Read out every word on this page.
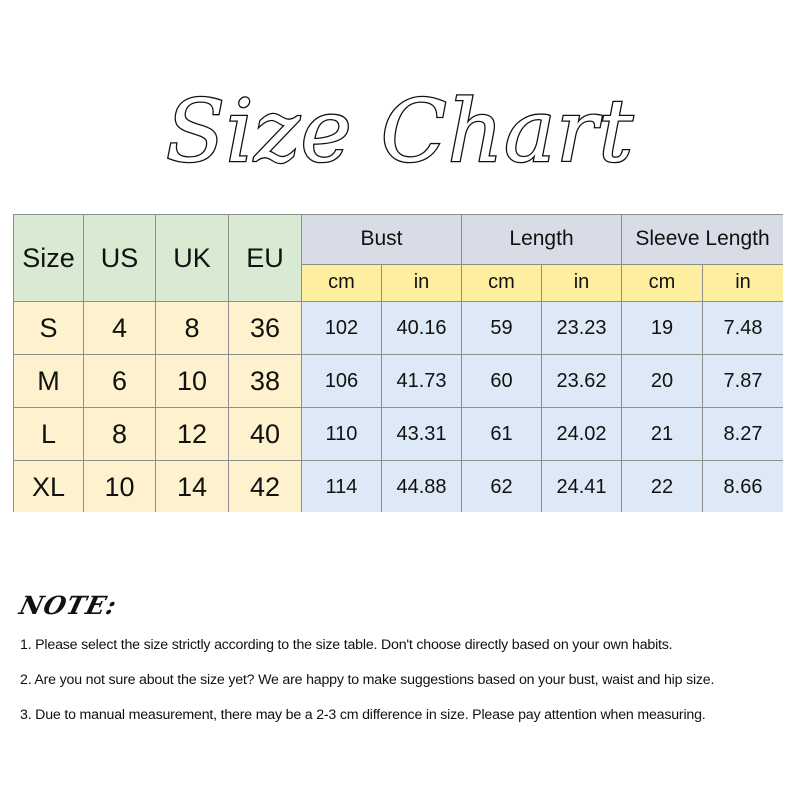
Size Chart
Size	US	UK	EU	Bust		Length		Sleeve Length	
				cm	in	cm	in	cm	in
S	4	8	36	102	40.16	59	23.23	19	7.48
M	6	10	38	106	41.73	60	23.62	20	7.87
L	8	12	40	110	43.31	61	24.02	21	8.27
XL	10	14	42	114	44.88	62	24.41	22	8.66

NOTE:
1. Please select the size strictly according to the size table. Don't choose directly based on your own habits.
2. Are you not sure about the size yet? We are happy to make suggestions based on your bust, waist and hip size.
3. Due to manual measurement, there may be a 2-3 cm difference in size. Please pay attention when measuring.
